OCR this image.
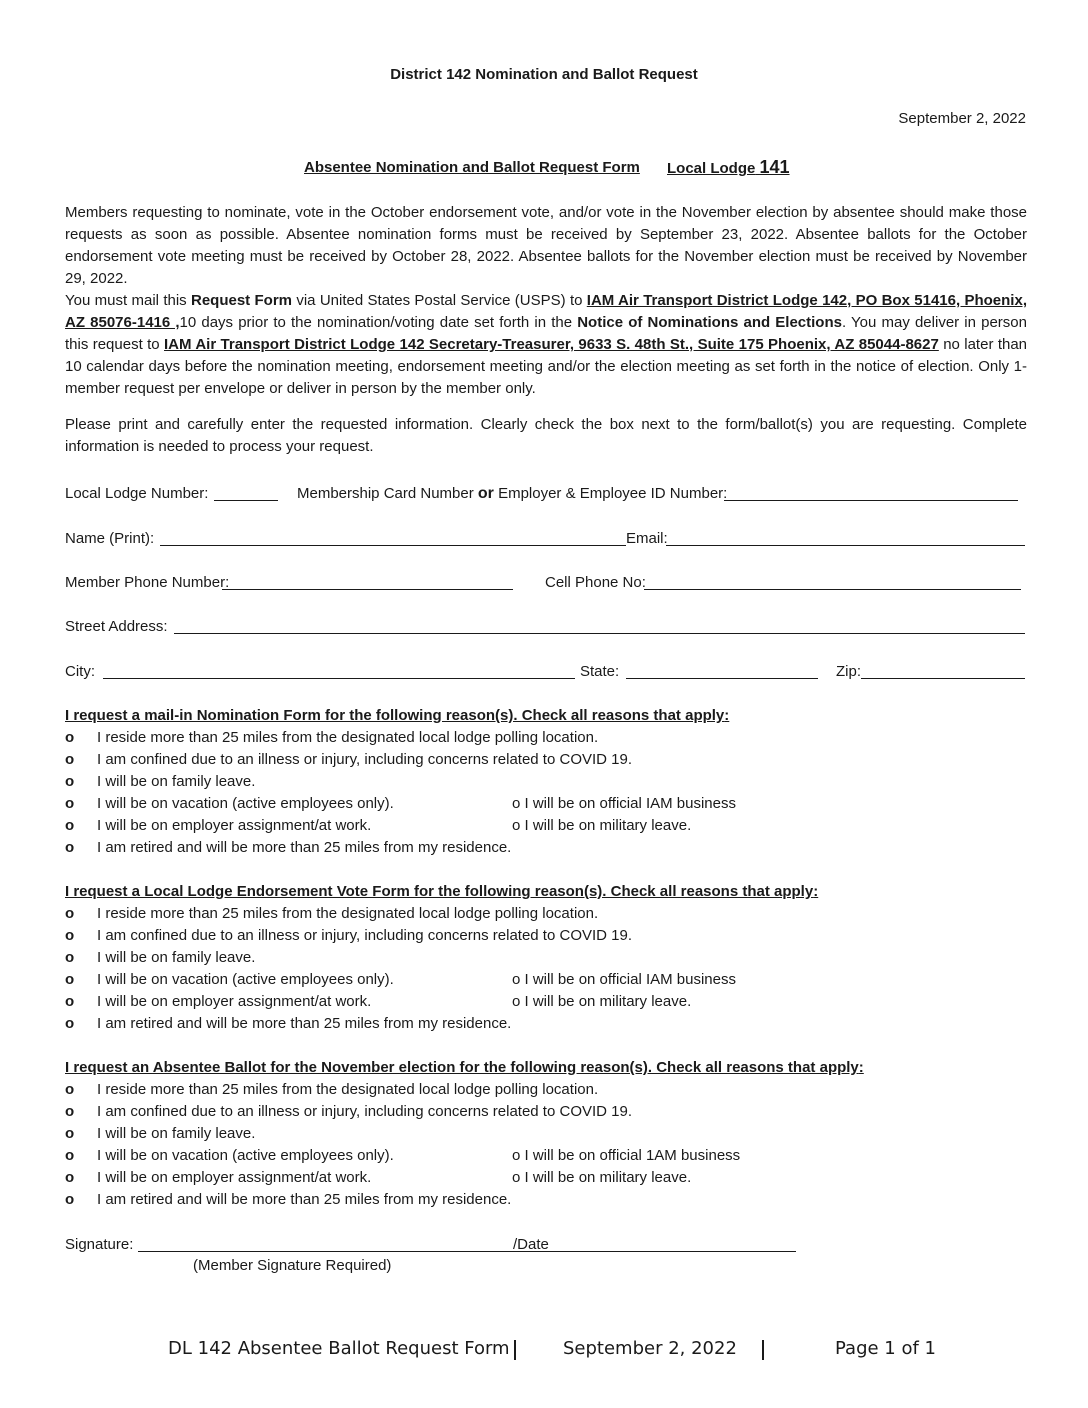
District 142 Nomination and Ballot Request
September 2, 2022
Absentee Nomination and Ballot Request Form Local Lodge 141
Members requesting to nominate, vote in the October endorsement vote, and/or vote in the November election by absentee should make those requests as soon as possible. Absentee nomination forms must be received by September 23, 2022. Absentee ballots for the October endorsement vote meeting must be received by October 28, 2022. Absentee ballots for the November election must be received by November 29, 2022.
You must mail this Request Form via United States Postal Service (USPS) to IAM Air Transport District Lodge 142, PO Box 51416, Phoenix, AZ 85076-1416 ,10 days prior to the nomination/voting date set forth in the Notice of Nominations and Elections. You may deliver in person this request to IAM Air Transport District Lodge 142 Secretary-Treasurer, 9633 S. 48th St., Suite 175 Phoenix, AZ 85044-8627 no later than 10 calendar days before the nomination meeting, endorsement meeting and/or the election meeting as set forth in the notice of election. Only 1-member request per envelope or deliver in person by the member only.
Please print and carefully enter the requested information. Clearly check the box next to the form/ballot(s) you are requesting. Complete information is needed to process your request.
Local Lodge Number:	Membership Card Number or Employer & Employee ID Number:
Name (Print):	Email:
Member Phone Number:	Cell Phone No:
Street Address:
City:	State:	Zip:
I request a mail-in Nomination Form for the following reason(s). Check all reasons that apply:
o I reside more than 25 miles from the designated local lodge polling location.
o I am confined due to an illness or injury, including concerns related to COVID 19.
o I will be on family leave.
o I will be on vacation (active employees only).	o I will be on official IAM business
o I will be on employer assignment/at work.	o I will be on military leave.
o I am retired and will be more than 25 miles from my residence.
I request a Local Lodge Endorsement Vote Form for the following reason(s). Check all reasons that apply:
o I reside more than 25 miles from the designated local lodge polling location.
o I am confined due to an illness or injury, including concerns related to COVID 19.
o I will be on family leave.
o I will be on vacation (active employees only).	o I will be on official IAM business
o I will be on employer assignment/at work.	o I will be on military leave.
o I am retired and will be more than 25 miles from my residence.
I request an Absentee Ballot for the November election for the following reason(s). Check all reasons that apply:
o I reside more than 25 miles from the designated local lodge polling location.
o I am confined due to an illness or injury, including concerns related to COVID 19.
o I will be on family leave.
o I will be on vacation (active employees only).	o I will be on official 1AM business
o I will be on employer assignment/at work.	o I will be on military leave.
o I am retired and will be more than 25 miles from my residence.
Signature:	/Date
(Member Signature Required)
DL 142 Absentee Ballot Request Form	September 2, 2022	Page 1 of 1
